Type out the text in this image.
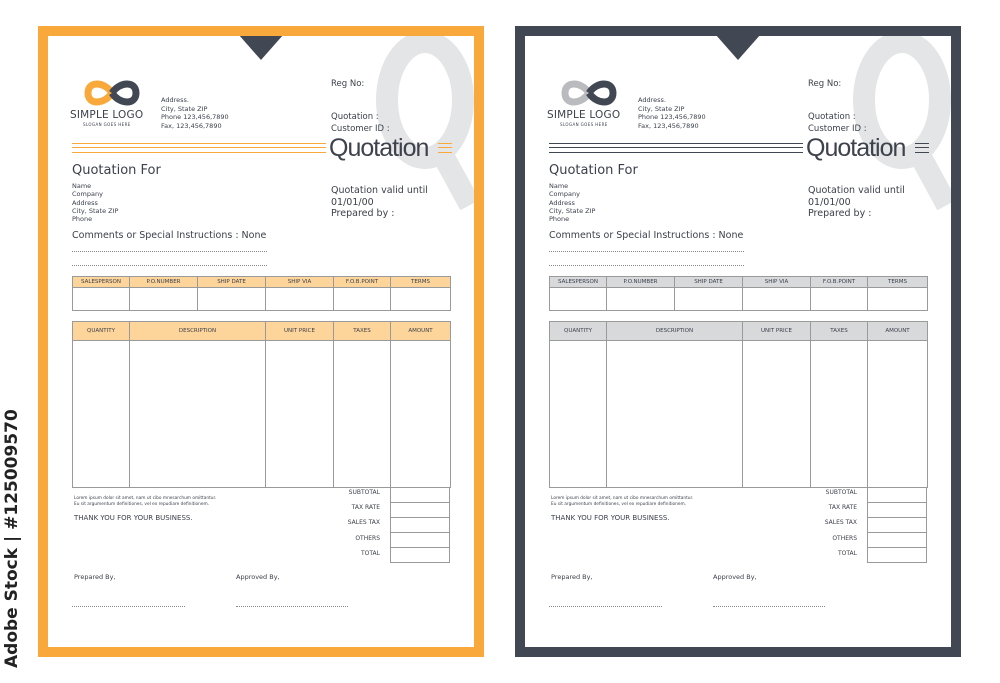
Adobe Stock | #125009570
SIMPLE LOGO
SLOGAN GOES HERE
Address.
City, State ZIP
Phone 123,456,7890
Fax, 123,456,7890
Reg No:
Quotation :
Customer ID :
Quotation
Quotation For
Name
Company
Address
City, State ZIP
Phone
Quotation valid until
01/01/00
Prepared by :
Comments or Special Instructions : None
SALESPERSON	P.O.NUMBER	SHIP DATE	SHIP VIA	F.O.B.POINT	TERMS

QUANTITY	DESCRIPTION	UNIT PRICE	TAXES	AMOUNT

SUBTOTAL
TAX RATE
SALES TAX
OTHERS
TOTAL
Lorem ipsum dolor sit amet, nam ut cibo mnesarchum omittantur.
Eu sit argumentum definitiones, vel ex repudiare definitionem.
THANK YOU FOR YOUR BUSINESS.
Prepared By,	Approved By,
SIMPLE LOGO
SLOGAN GOES HERE
Address.
City, State ZIP
Phone 123,456,7890
Fax, 123,456,7890
Reg No:
Quotation :
Customer ID :
Quotation
Quotation For
Name
Company
Address
City, State ZIP
Phone
Quotation valid until
01/01/00
Prepared by :
Comments or Special Instructions : None
SALESPERSON	P.O.NUMBER	SHIP DATE	SHIP VIA	F.O.B.POINT	TERMS

QUANTITY	DESCRIPTION	UNIT PRICE	TAXES	AMOUNT

SUBTOTAL
TAX RATE
SALES TAX
OTHERS
TOTAL
Lorem ipsum dolor sit amet, nam ut cibo mnesarchum omittantur.
Eu sit argumentum definitiones, vel ex repudiare definitionem.
THANK YOU FOR YOUR BUSINESS.
Prepared By,	Approved By,
